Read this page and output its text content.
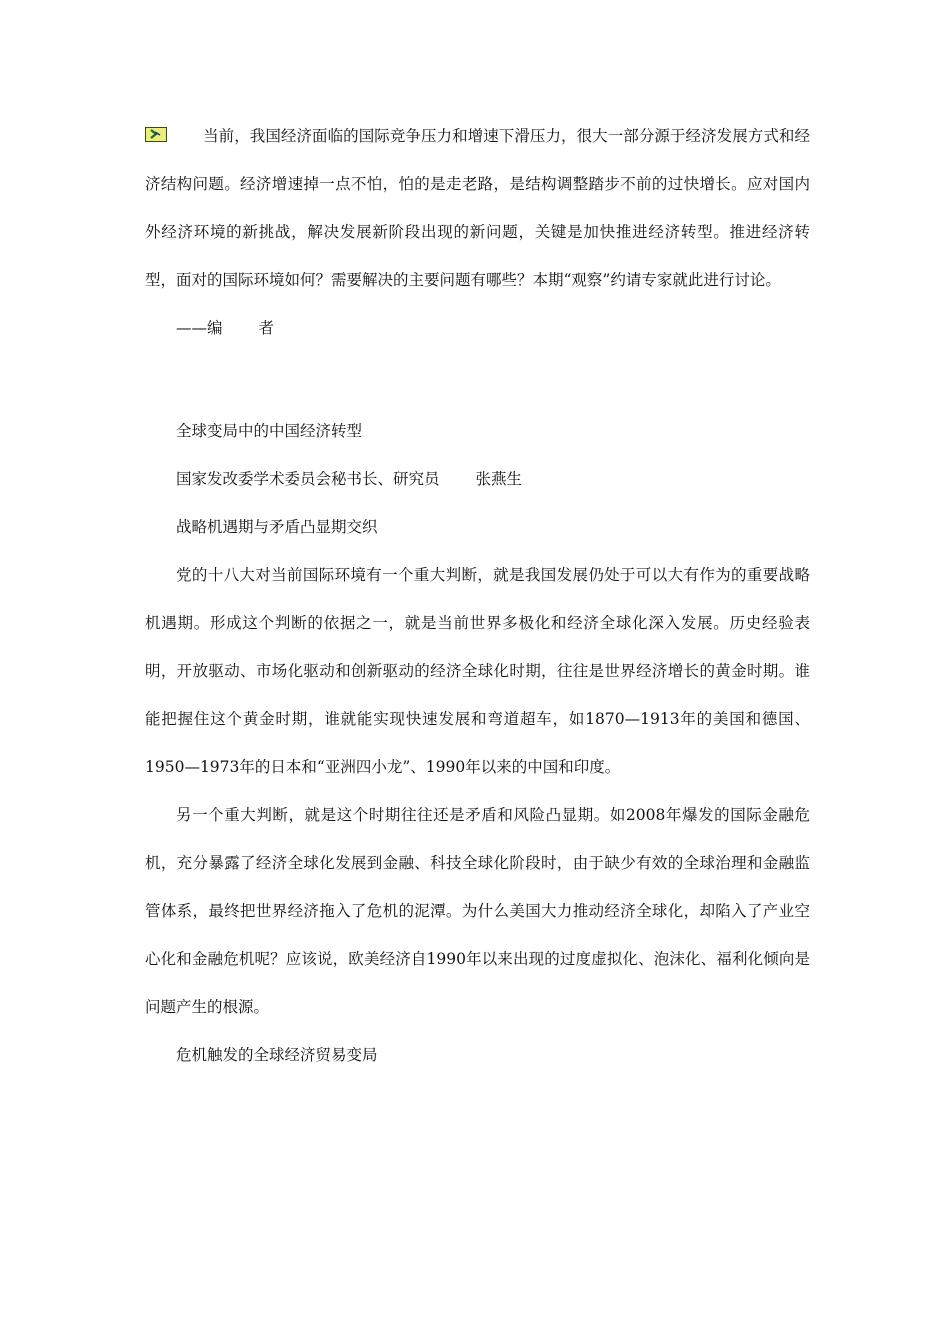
当前，我国经济面临的国际竞争压力和增速下滑压力，很大一部分源于经济发展方式和经济结构问题。经济增速掉一点不怕，怕的是走老路，是结构调整踏步不前的过快增长。应对国内外经济环境的新挑战，解决发展新阶段出现的新问题，关键是加快推进经济转型。推进经济转型，面对的国际环境如何？需要解决的主要问题有哪些？本期“观察”约请专家就此进行讨论。

——编 者

全球变局中的中国经济转型

国家发改委学术委员会秘书长、研究员 张燕生

战略机遇期与矛盾凸显期交织

党的十八大对当前国际环境有一个重大判断，就是我国发展仍处于可以大有作为的重要战略机遇期。形成这个判断的依据之一，就是当前世界多极化和经济全球化深入发展。历史经验表明，开放驱动、市场化驱动和创新驱动的经济全球化时期，往往是世界经济增长的黄金时期。谁能把握住这个黄金时期，谁就能实现快速发展和弯道超车，如1870—1913年的美国和德国、1950—1973年的日本和“亚洲四小龙”、1990年以来的中国和印度。

另一个重大判断，就是这个时期往往还是矛盾和风险凸显期。如2008年爆发的国际金融危机，充分暴露了经济全球化发展到金融、科技全球化阶段时，由于缺少有效的全球治理和金融监管体系，最终把世界经济拖入了危机的泥潭。为什么美国大力推动经济全球化，却陷入了产业空心化和金融危机呢？应该说，欧美经济自1990年以来出现的过度虚拟化、泡沫化、福利化倾向是问题产生的根源。

危机触发的全球经济贸易变局
